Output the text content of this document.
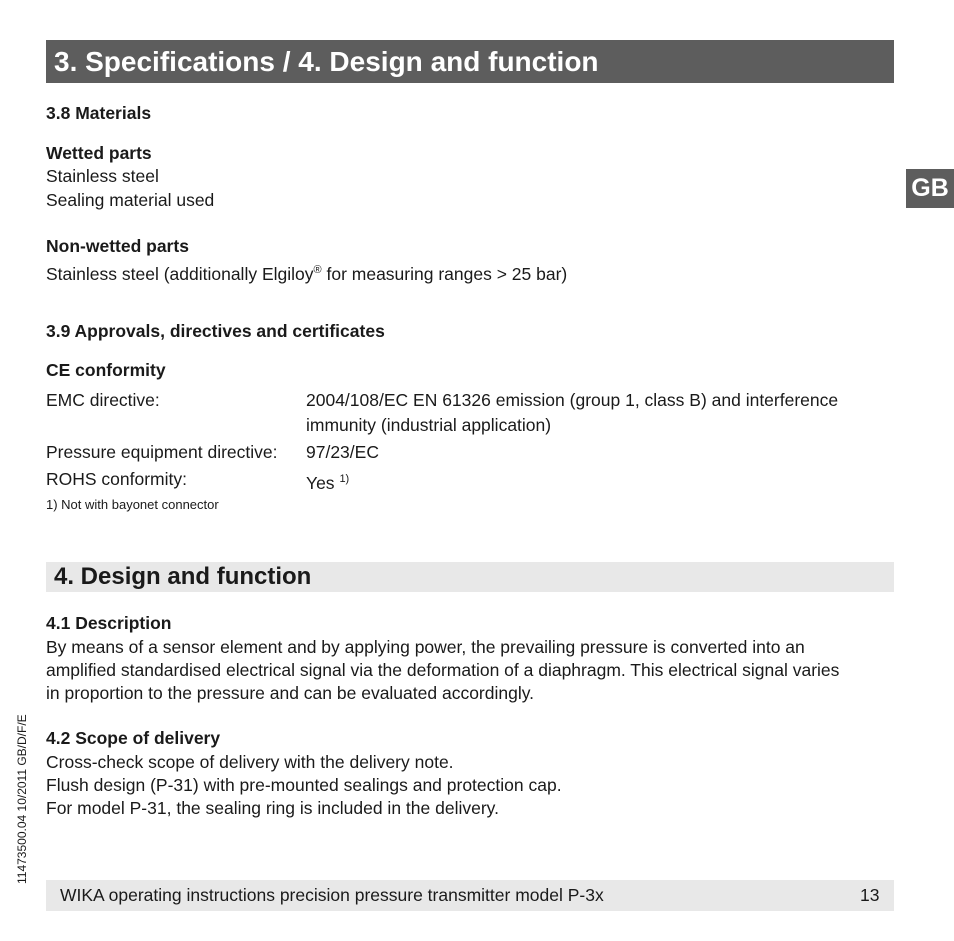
3. Specifications / 4. Design and function
GB
3.8 Materials
Wetted parts
Stainless steel
Sealing material used
Non-wetted parts
Stainless steel (additionally Elgiloy® for measuring ranges > 25 bar)
3.9 Approvals, directives and certificates
CE conformity
EMC directive:	2004/108/EC EN 61326 emission (group 1, class B) and interference
immunity (industrial application)
Pressure equipment directive: 97/23/EC
ROHS conformity:	Yes $^{1)}$
1) Not with bayonet connector
4. Design and function
4.1 Description
By means of a sensor element and by applying power, the prevailing pressure is converted into an
amplified standardised electrical signal via the deformation of a diaphragm. This electrical signal varies
in proportion to the pressure and can be evaluated accordingly.
4.2 Scope of delivery
Cross-check scope of delivery with the delivery note.
Flush design (P-31) with pre-mounted sealings and protection cap.
For model P-31, the sealing ring is included in the delivery.
11473500.04 10/2011 GB/D/F/E
WIKA operating instructions precision pressure transmitter model P-3x	13
